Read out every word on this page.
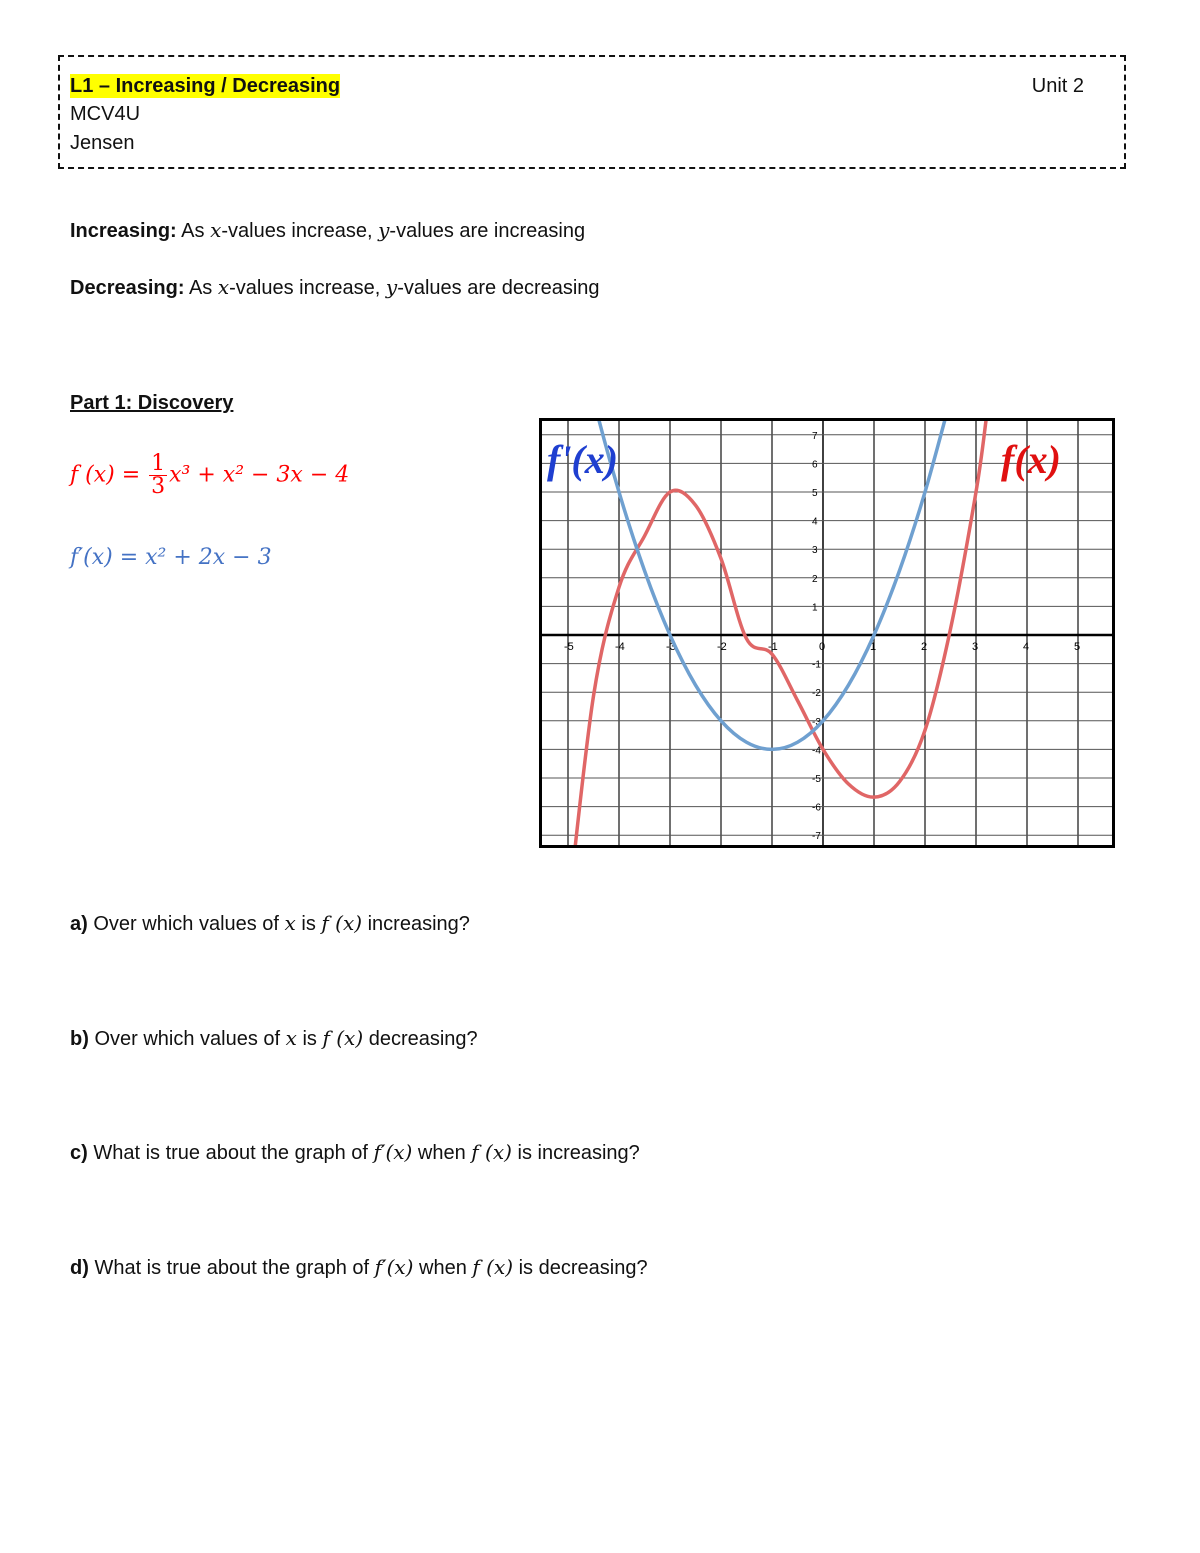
L1 – Increasing / Decreasing	Unit 2
MCV4U
Jensen
Increasing: As x-values increase, y-values are increasing
Decreasing: As x-values increase, y-values are decreasing
Part 1: Discovery
f $(x) = \frac{1}{3} x^3 + x^2 - 3x - 4$
f′(x) = x² + 2x − 3
-5	-4	-3	-2	-1	0	1	2	3	4	5
-7
-6
-5
-4
-3
-2
-1
1
2
3
4
5
6
7
f'(x)	f(x)
a) Over which values of x is f (x) increasing?
b) Over which values of x is f (x) decreasing?
c) What is true about the graph of f′(x) when f (x) is increasing?
d) What is true about the graph of f′(x) when f (x) is decreasing?
